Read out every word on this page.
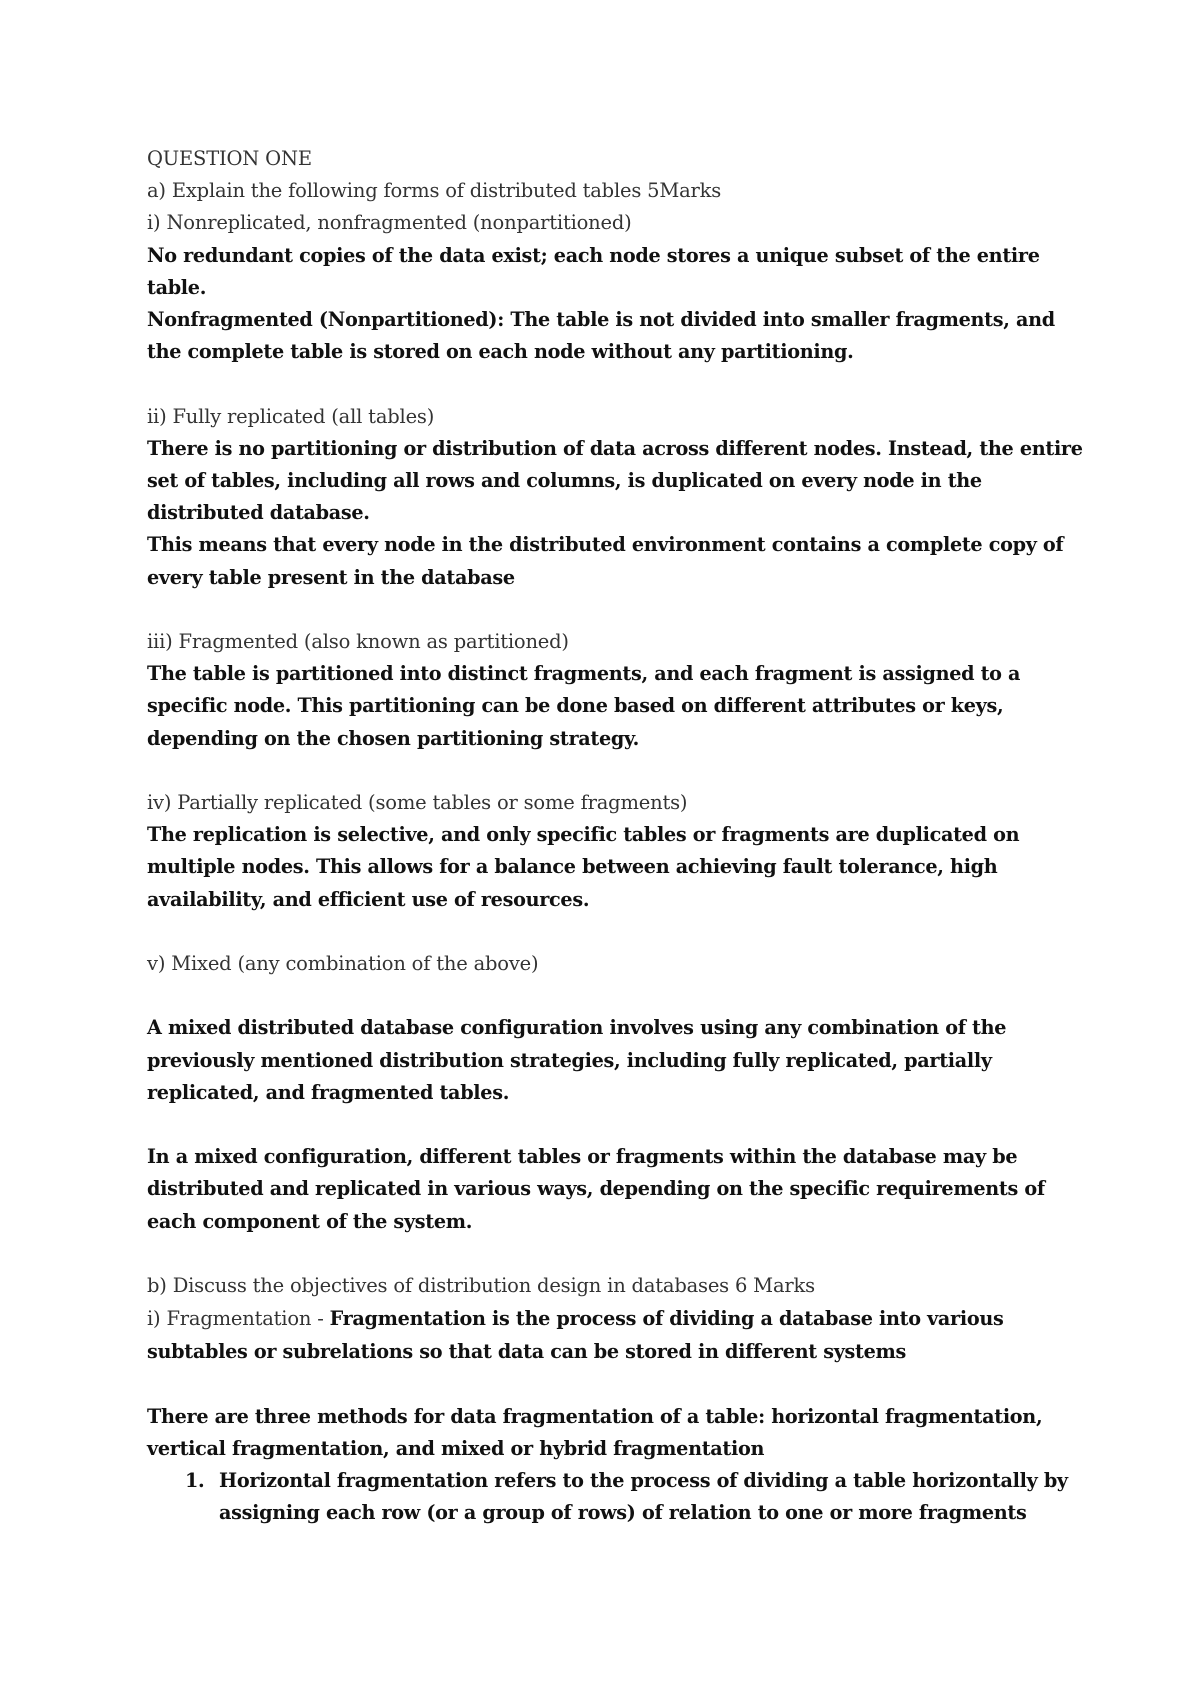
QUESTION ONE

a) Explain the following forms of distributed tables 5Marks

i) Nonreplicated, nonfragmented (nonpartitioned)

No redundant copies of the data exist; each node stores a unique subset of the entire table.

Nonfragmented (Nonpartitioned): The table is not divided into smaller fragments, and the complete table is stored on each node without any partitioning.

ii) Fully replicated (all tables)

There is no partitioning or distribution of data across different nodes. Instead, the entire set of tables, including all rows and columns, is duplicated on every node in the distributed database.

This means that every node in the distributed environment contains a complete copy of every table present in the database

iii) Fragmented (also known as partitioned)

The table is partitioned into distinct fragments, and each fragment is assigned to a specific node. This partitioning can be done based on different attributes or keys, depending on the chosen partitioning strategy.

iv) Partially replicated (some tables or some fragments)

The replication is selective, and only specific tables or fragments are duplicated on multiple nodes. This allows for a balance between achieving fault tolerance, high availability, and efficient use of resources.

v) Mixed (any combination of the above)

A mixed distributed database configuration involves using any combination of the previously mentioned distribution strategies, including fully replicated, partially replicated, and fragmented tables.

In a mixed configuration, different tables or fragments within the database may be distributed and replicated in various ways, depending on the specific requirements of each component of the system.

b) Discuss the objectives of distribution design in databases 6 Marks

i) Fragmentation - Fragmentation is the process of dividing a database into various subtables or subrelations so that data can be stored in different systems

There are three methods for data fragmentation of a table: horizontal fragmentation, vertical fragmentation, and mixed or hybrid fragmentation

1. Horizontal fragmentation refers to the process of dividing a table horizontally by assigning each row (or a group of rows) of relation to one or more fragments
